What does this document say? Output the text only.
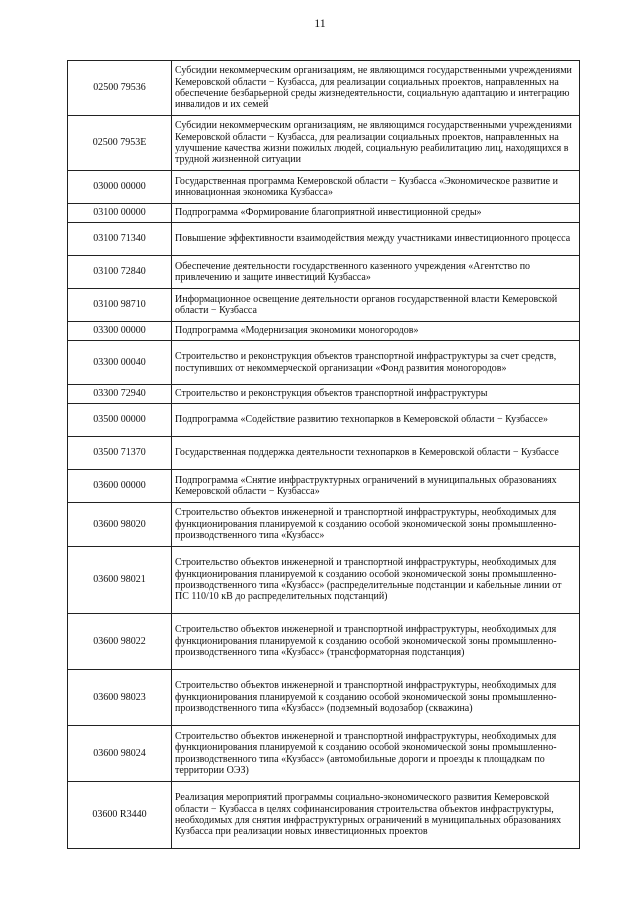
11
02500 79536	Субсидии некоммерческим организациям, не являющимся государственными учреждениями Кемеровской области − Кузбасса, для реализации социальных проектов, направленных на обеспечение безбарьерной среды жизнедеятельности, социальную адаптацию и интеграцию инвалидов и их семей
02500 7953Е	Субсидии некоммерческим организациям, не являющимся государственными учреждениями Кемеровской области − Кузбасса, для реализации социальных проектов, направленных на улучшение качества жизни пожилых людей, социальную реабилитацию лиц, находящихся в трудной жизненной ситуации
03000 00000	Государственная программа Кемеровской области − Кузбасса «Экономическое развитие и инновационная экономика Кузбасса»
03100 00000	Подпрограмма «Формирование благоприятной инвестиционной среды»
03100 71340	Повышение эффективности взаимодействия между участниками инвестиционного процесса
03100 72840	Обеспечение деятельности государственного казенного учреждения «Агентство по привлечению и защите инвестиций Кузбасса»
03100 98710	Информационное освещение деятельности органов государственной власти Кемеровской области − Кузбасса
03300 00000	Подпрограмма «Модернизация экономики моногородов»
03300 00040	Строительство и реконструкция объектов транспортной инфраструктуры за счет средств, поступивших от некоммерческой организации «Фонд развития моногородов»
03300 72940	Строительство и реконструкция объектов транспортной инфраструктуры
03500 00000	Подпрограмма «Содействие развитию технопарков в Кемеровской области − Кузбассе»
03500 71370	Государственная поддержка деятельности технопарков в Кемеровской области − Кузбассе
03600 00000	Подпрограмма «Снятие инфраструктурных ограничений в муниципальных образованиях Кемеровской области − Кузбасса»
03600 98020	Строительство объектов инженерной и транспортной инфраструктуры, необходимых для функционирования планируемой к созданию особой экономической зоны промышленно-производственного типа «Кузбасс»
03600 98021	Строительство объектов инженерной и транспортной инфраструктуры, необходимых для функционирования планируемой к созданию особой экономической зоны промышленно-производственного типа «Кузбасс» (распределительные подстанции и кабельные линии от ПС 110/10 кВ до распределительных подстанций)
03600 98022	Строительство объектов инженерной и транспортной инфраструктуры, необходимых для функционирования планируемой к созданию особой экономической зоны промышленно-производственного типа «Кузбасс» (трансформаторная подстанция)
03600 98023	Строительство объектов инженерной и транспортной инфраструктуры, необходимых для функционирования планируемой к созданию особой экономической зоны промышленно-производственного типа «Кузбасс» (подземный водозабор (скважина)
03600 98024	Строительство объектов инженерной и транспортной инфраструктуры, необходимых для функционирования планируемой к созданию особой экономической зоны промышленно-производственного типа «Кузбасс» (автомобильные дороги и проезды к площадкам по территории ОЭЗ)
03600 R3440	Реализация мероприятий программы социально-экономического развития Кемеровской области − Кузбасса в целях софинансирования строительства объектов инфраструктуры, необходимых для снятия инфраструктурных ограничений в муниципальных образованиях Кузбасса при реализации новых инвестиционных проектов
